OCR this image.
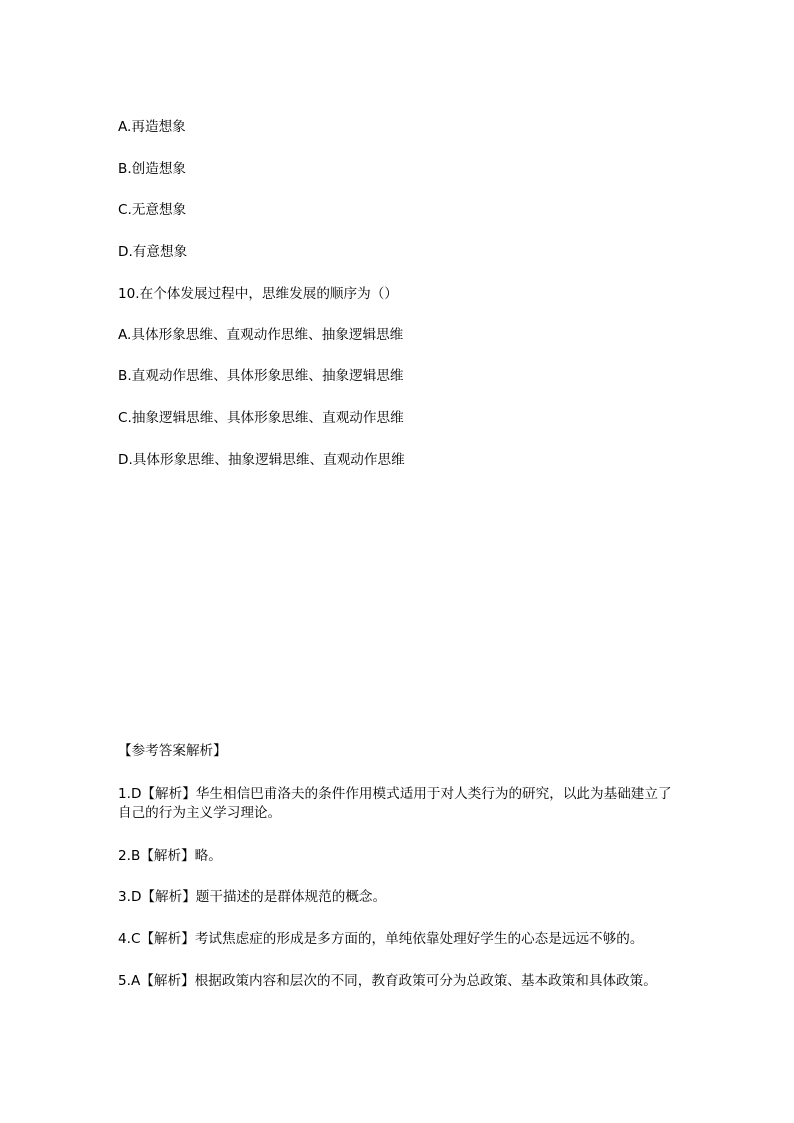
A.再造想象
B.创造想象
C.无意想象
D.有意想象
10.在个体发展过程中，思维发展的顺序为（）
A.具体形象思维、直观动作思维、抽象逻辑思维
B.直观动作思维、具体形象思维、抽象逻辑思维
C.抽象逻辑思维、具体形象思维、直观动作思维
D.具体形象思维、抽象逻辑思维、直观动作思维
【参考答案解析】
1.D【解析】华生相信巴甫洛夫的条件作用模式适用于对人类行为的研究，以此为基础建立了自己的行为主义学习理论。
2.B【解析】略。
3.D【解析】题干描述的是群体规范的概念。
4.C【解析】考试焦虑症的形成是多方面的，单纯依靠处理好学生的心态是远远不够的。
5.A【解析】根据政策内容和层次的不同，教育政策可分为总政策、基本政策和具体政策。
